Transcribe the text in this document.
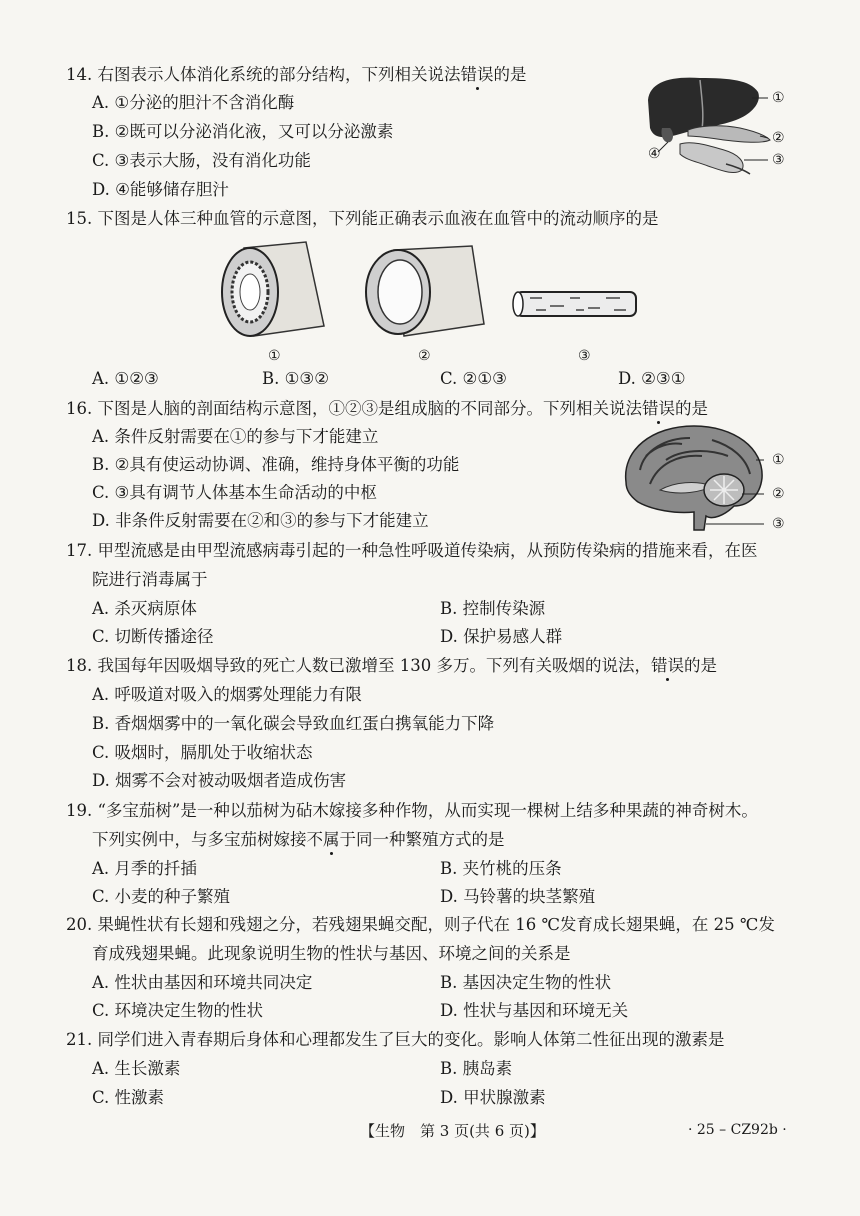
14. 右图表示人体消化系统的部分结构，下列相关说法错误的是
A. ①分泌的胆汁不含消化酶
B. ②既可以分泌消化液，又可以分泌激素
C. ③表示大肠，没有消化功能
D. ④能够储存胆汁
①
②
③
④
15. 下图是人体三种血管的示意图，下列能正确表示血液在血管中的流动顺序的是
①	②	③
A. ①②③	B. ①③②	C. ②①③	D. ②③①
16. 下图是人脑的剖面结构示意图，①②③是组成脑的不同部分。下列相关说法错误的是
A. 条件反射需要在①的参与下才能建立
B. ②具有使运动协调、准确，维持身体平衡的功能
C. ③具有调节人体基本生命活动的中枢
D. 非条件反射需要在②和③的参与下才能建立
①
②
③
17. 甲型流感是由甲型流感病毒引起的一种急性呼吸道传染病，从预防传染病的措施来看，在医
院进行消毒属于
A. 杀灭病原体	B. 控制传染源
C. 切断传播途径	D. 保护易感人群
18. 我国每年因吸烟导致的死亡人数已激增至 130 多万。下列有关吸烟的说法，错误的是
A. 呼吸道对吸入的烟雾处理能力有限
B. 香烟烟雾中的一氧化碳会导致血红蛋白携氧能力下降
C. 吸烟时，膈肌处于收缩状态
D. 烟雾不会对被动吸烟者造成伤害
19. “多宝茄树”是一种以茄树为砧木嫁接多种作物，从而实现一棵树上结多种果蔬的神奇树木。
下列实例中，与多宝茄树嫁接不属于同一种繁殖方式的是
A. 月季的扦插	B. 夹竹桃的压条
C. 小麦的种子繁殖	D. 马铃薯的块茎繁殖
20. 果蝇性状有长翅和残翅之分，若残翅果蝇交配，则子代在 16 ℃发育成长翅果蝇，在 25 ℃发
育成残翅果蝇。此现象说明生物的性状与基因、环境之间的关系是
A. 性状由基因和环境共同决定	B. 基因决定生物的性状
C. 环境决定生物的性状	D. 性状与基因和环境无关
21. 同学们进入青春期后身体和心理都发生了巨大的变化。影响人体第二性征出现的激素是
A. 生长激素	B. 胰岛素
C. 性激素	D. 甲状腺激素
【生物　第 3 页(共 6 页)】	· 25 – CZ92b ·
